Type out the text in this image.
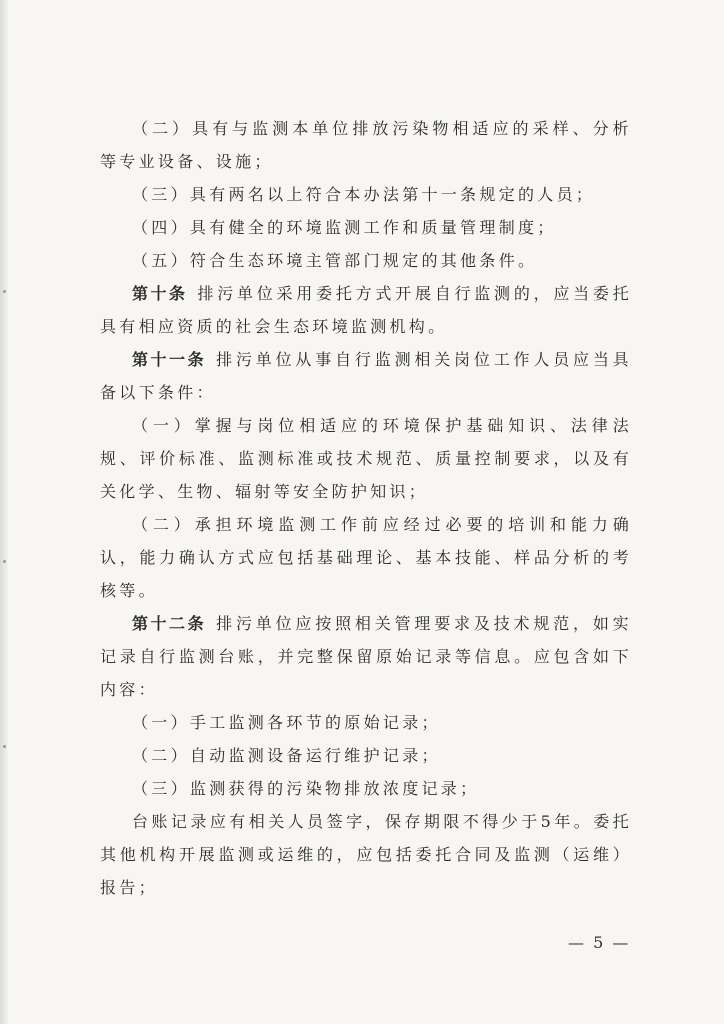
（二）具有与监测本单位排放污染物相适应的采样、分析等专业设备、设施；

（三）具有两名以上符合本办法第十一条规定的人员；

（四）具有健全的环境监测工作和质量管理制度；

（五）符合生态环境主管部门规定的其他条件。

第十条 排污单位采用委托方式开展自行监测的，应当委托具有相应资质的社会生态环境监测机构。

第十一条 排污单位从事自行监测相关岗位工作人员应当具备以下条件：

（一）掌握与岗位相适应的环境保护基础知识、法律法规、评价标准、监测标准或技术规范、质量控制要求，以及有关化学、生物、辐射等安全防护知识；

（二）承担环境监测工作前应经过必要的培训和能力确认，能力确认方式应包括基础理论、基本技能、样品分析的考核等。

第十二条 排污单位应按照相关管理要求及技术规范，如实记录自行监测台账，并完整保留原始记录等信息。应包含如下内容：

（一）手工监测各环节的原始记录；

（二）自动监测设备运行维护记录；

（三）监测获得的污染物排放浓度记录；

台账记录应有相关人员签字，保存期限不得少于5年。委托其他机构开展监测或运维的，应包括委托合同及监测（运维）报告；

— 5 —
